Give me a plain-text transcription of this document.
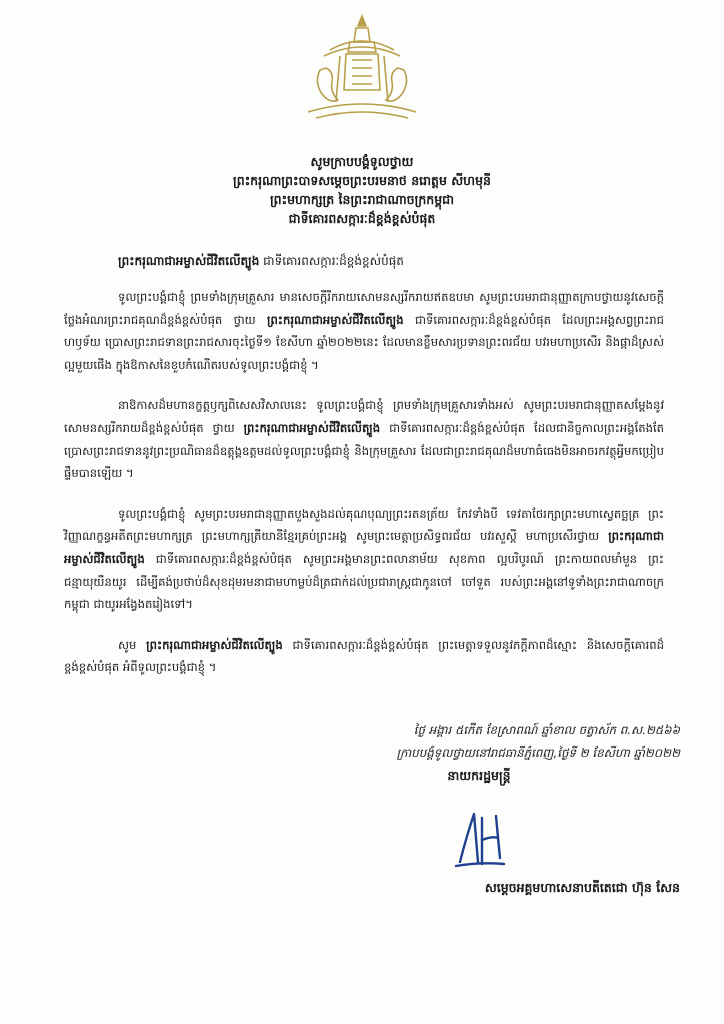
សូមក្រាបបង្គំទូលថ្វាយ
ព្រះករុណាព្រះបាទសម្តេចព្រះបរមនាថ នរោត្តម សីហមុនី
ព្រះមហាក្សត្រ នៃព្រះរាជាណាចក្រកម្ពុជា
ជាទីគោរពសក្ការៈដ៏ខ្ពង់ខ្ពស់បំផុត
ព្រះករុណាជាអម្ចាស់ជីវិតលើត្បូង ជាទីគោរពសក្ការៈដ៏ខ្ពង់ខ្ពស់បំផុត

ទូលព្រះបង្គំជាខ្ញុំ ព្រមទាំងក្រុមគ្រួសារ មានសេចក្តីរីករាយសោមនស្សរីករាយឥតឧបមា សូមព្រះបរមរាជានុញ្ញាតក្រាបថ្វាយនូវសេចក្តីថ្លែងអំណរព្រះរាជគុណដ៏ខ្ពង់ខ្ពស់បំផុត ថ្វាយ ព្រះករុណាជាអម្ចាស់ជីវិតលើត្បូង ជាទីគោរពសក្ការៈដ៏ខ្ពង់ខ្ពស់បំផុត ដែលព្រះអង្គសព្វព្រះរាជហឫទ័យ ប្រោសព្រះរាជទានព្រះរាជសារចុះថ្ងៃទី១ ខែសីហា ឆ្នាំ២០២២នេះ ដែលមានខ្លឹមសារប្រទានព្រះពរជ័យ បវរមហាប្រសើរ និងផ្កាដ៏ស្រស់ល្អមួយផើង ក្នុងឱកាសនៃខួបកំណើតរបស់ទូលព្រះបង្គំជាខ្ញុំ ។

នាឱកាសដ៏មហានក្ខត្តឫក្សពិសេសវិសាលនេះ ទូលព្រះបង្គំជាខ្ញុំ ព្រមទាំងក្រុមគ្រួសារទាំងអស់ សូមព្រះបរមរាជានុញ្ញាតសម្តែងនូវសោមនស្សរីករាយដ៏ខ្ពង់ខ្ពស់បំផុត ថ្វាយ ព្រះករុណាជាអម្ចាស់ជីវិតលើត្បូង ជាទីគោរពសក្ការៈដ៏ខ្ពង់ខ្ពស់បំផុត ដែលជានិច្ចកាលព្រះអង្គតែងតែ ប្រោសព្រះរាជទាននូវព្រះប្រណិធានដ៏ឧត្តុង្គឧត្តមដល់ទូលព្រះបង្គំជាខ្ញុំ និងក្រុមគ្រួសារ ដែលជាព្រះរាជគុណដ៏មហាធំធេងមិនអាចរកវត្ថុអ្វីមកប្រៀបផ្ទឹមបានឡើយ ។

ទូលព្រះបង្គំជាខ្ញុំ សូមព្រះបរមរាជានុញ្ញាតបួងសួងដល់គុណបុណ្យព្រះរតនត្រ័យ កែវទាំងបី ទេវតាថែរក្សាព្រះមហាស្វេតច្ឆត្រ ព្រះវិញ្ញាណក្ខន្ធអតីតព្រះមហាក្សត្រ ព្រះមហាក្សត្រីយានីខ្មែរគ្រប់ព្រះអង្គ សូមព្រះមេត្តាប្រសិទ្ធពរជ័យ បវរសួស្តី មហាប្រសើរថ្វាយ ព្រះករុណាជាអម្ចាស់ជីវិតលើត្បូង ជាទីគោរពសក្ការៈដ៏ខ្ពង់ខ្ពស់បំផុត សូមព្រះអង្គមានព្រះពលានាម័យ សុខភាព ល្អបរិបូរណ៍ ព្រះកាយពលមាំមួន ព្រះជន្មាយុយឺនយូរ ដើម្បីគង់ប្រថាប់ដ៏សុខដុមរមនាជាមហាម្លប់ដ៏ត្រជាក់ដល់ប្រជារាស្ត្រជាកូនចៅ ចៅទួត របស់ព្រះអង្គនៅទូទាំងព្រះរាជាណាចក្រកម្ពុជា ជាយូរអង្វែងតរៀងទៅ។

សូម ព្រះករុណាជាអម្ចាស់ជីវិតលើត្បូង ជាទីគោរពសក្ការៈដ៏ខ្ពង់ខ្ពស់បំផុត ព្រះមេត្តាទទួលនូវភក្តីភាពដ៏ស្មោះ និងសេចក្តីគោរពដ៏ខ្ពង់ខ្ពស់បំផុត អំពីទូលព្រះបង្គំជាខ្ញុំ ។

ថ្ងៃ អង្គារ ៥កើត ខែស្រាពណ៍ ឆ្នាំខាល ចត្វាស័ក ព.ស.២៥៦៦
ក្រាបបង្គំទូលថ្វាយនៅរាជធានីភ្នំពេញ,ថ្ងៃទី ២ ខែសីហា ឆ្នាំ២០២២
នាយករដ្ឋមន្ត្រី
សម្តេចអគ្គមហាសេនាបតីតេជោ ហ៊ុន សែន
